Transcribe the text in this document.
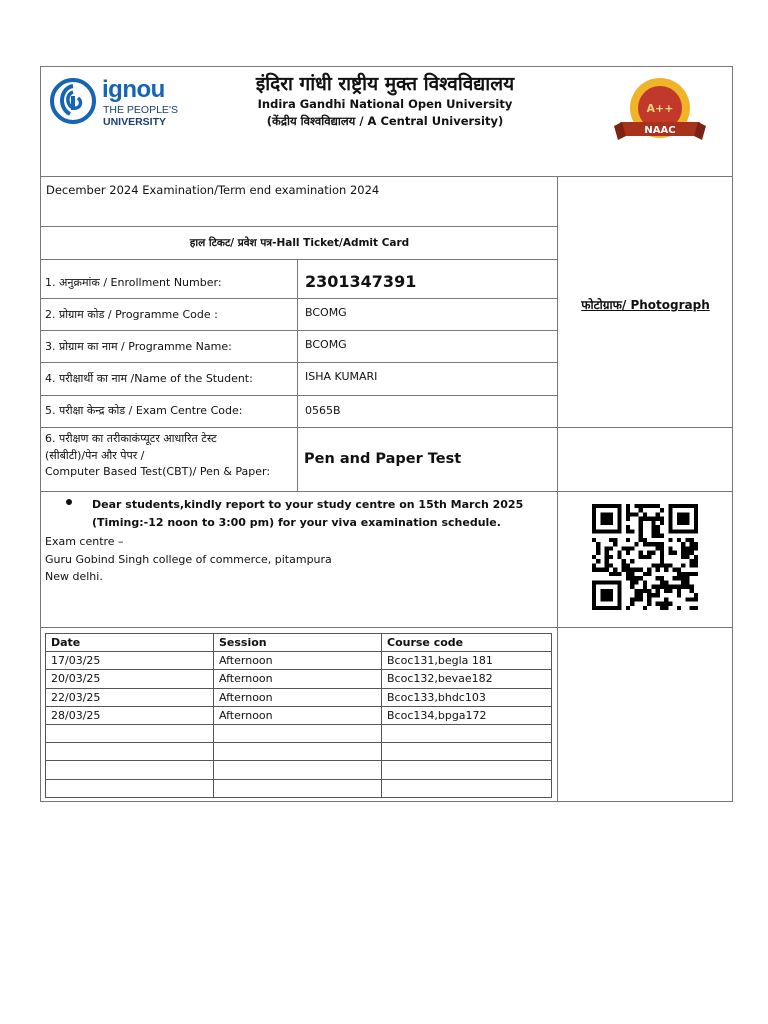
ignou
THE PEOPLE'S
UNIVERSITY
इंदिरा गांधी राष्ट्रीय मुक्त विश्वविद्यालय
Indira Gandhi National Open University
(केंद्रीय विश्वविद्यालय / A Central University)
A++
NAAC
December 2024 Examination/Term end examination 2024
हाल टिकट/ प्रवेश पत्र-Hall Ticket/Admit Card
1. अनुक्रमांक / Enrollment Number:	2301347391
2. प्रोग्राम कोड / Programme Code :	BCOMG
3. प्रोग्राम का नाम / Programme Name:	BCOMG
4. परीक्षार्थी का नाम /Name of the Student:	ISHA KUMARI
5. परीक्षा केन्द्र कोड / Exam Centre Code:	0565B
6. परीक्षण का तरीकाकंप्यूटर आधारित टेस्ट
(सीबीटी)/पेन और पेपर /
Computer Based Test(CBT)/ Pen & Paper:
Pen and Paper Test
फोटोग्राफ/ Photograph
Dear students,kindly report to your study centre on 15th March 2025
(Timing:-12 noon to 3:00 pm) for your viva examination schedule.
Exam centre –
Guru Gobind Singh college of commerce, pitampura
New delhi.
Date	Session	Course code
17/03/25	Afternoon	Bcoc131,begla 181
20/03/25	Afternoon	Bcoc132,bevae182
22/03/25	Afternoon	Bcoc133,bhdc103
28/03/25	Afternoon	Bcoc134,bpga172
